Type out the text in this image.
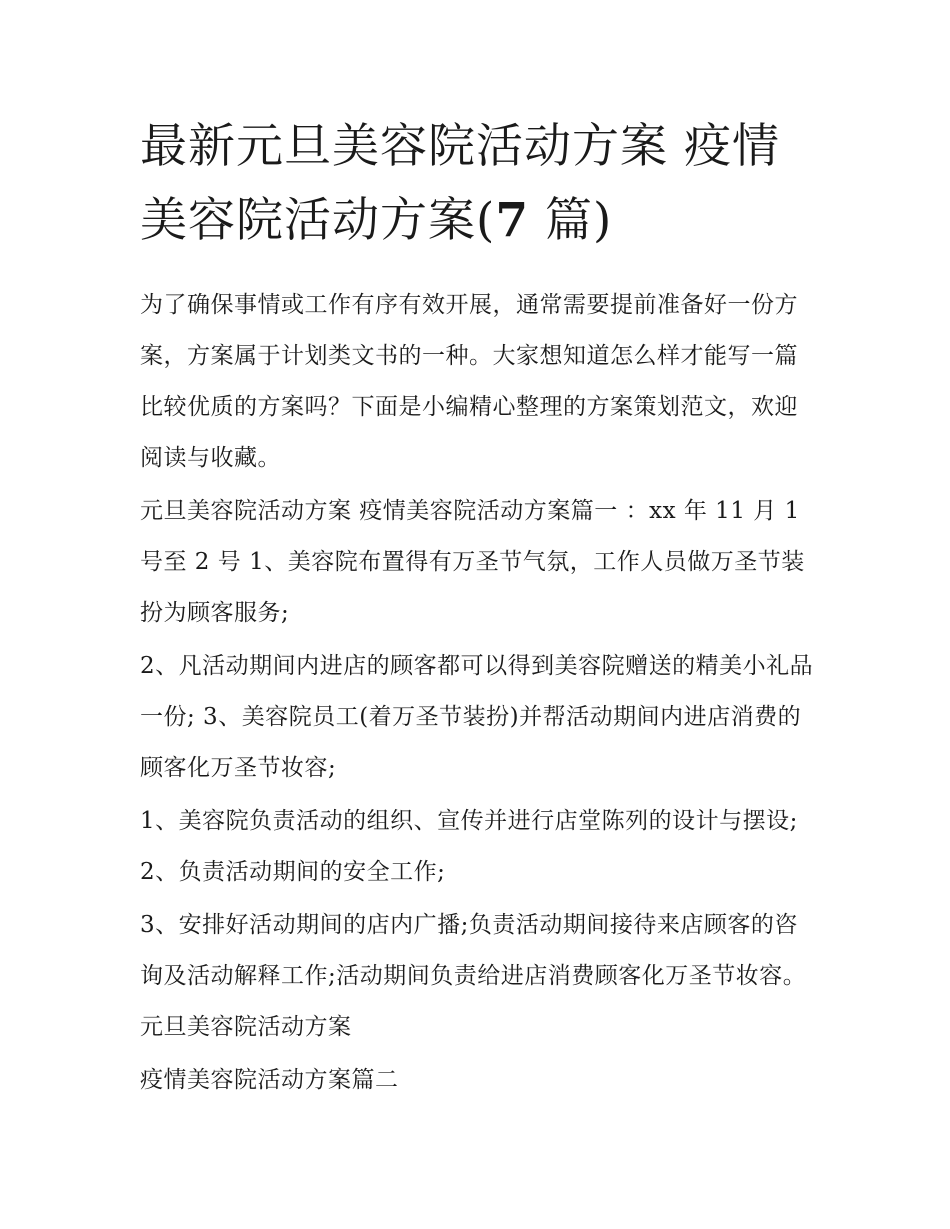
最新元旦美容院活动方案 疫情美容院活动方案(7 篇)

为了确保事情或工作有序有效开展，通常需要提前准备好一份方案，方案属于计划类文书的一种。大家想知道怎么样才能写一篇比较优质的方案吗？下面是小编精心整理的方案策划范文，欢迎阅读与收藏。

元旦美容院活动方案 疫情美容院活动方案篇一 ：xx 年 11 月 1 号至 2 号 1、美容院布置得有万圣节气氛，工作人员做万圣节装扮为顾客服务;

2、凡活动期间内进店的顾客都可以得到美容院赠送的精美小礼品一份; 3、美容院员工(着万圣节装扮)并帮活动期间内进店消费的顾客化万圣节妆容;

1、美容院负责活动的组织、宣传并进行店堂陈列的设计与摆设; 2、负责活动期间的安全工作;

3、安排好活动期间的店内广播;负责活动期间接待来店顾客的咨询及活动解释工作;活动期间负责给进店消费顾客化万圣节妆容。 元旦美容院活动方案

疫情美容院活动方案篇二
